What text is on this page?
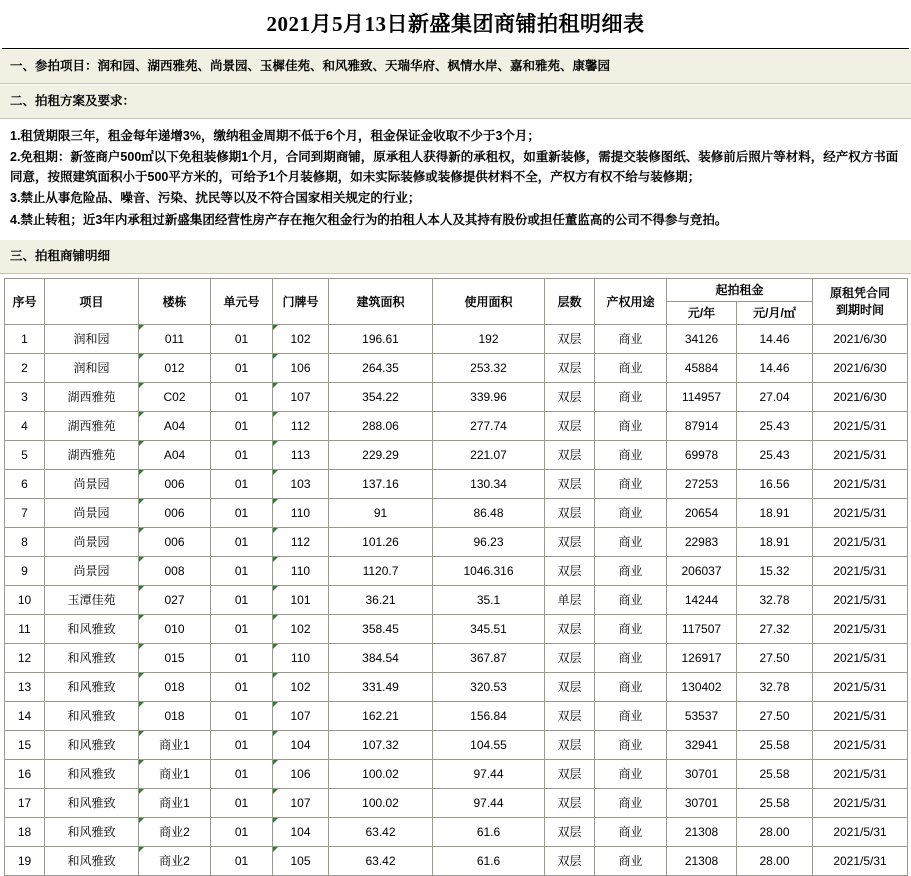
2021月5月13日新盛集团商铺拍租明细表
一、参拍项目：润和园、湖西雅苑、尚景园、玉樨佳苑、和风雅致、天瑞华府、枫情水岸、嘉和雅苑、康馨园
二、拍租方案及要求：
1.租赁期限三年，租金每年递增3%，缴纳租金周期不低于6个月，租金保证金收取不少于3个月；
2.免租期：新签商户500㎡以下免租装修期1个月，合同到期商铺，原承租人获得新的承租权，如重新装修，需提交装修图纸、装修前后照片等材料，经产权方书面同意，按照建筑面积小于500平方米的，可给予1个月装修期，如未实际装修或装修提供材料不全，产权方有权不给与装修期；
3.禁止从事危险品、噪音、污染、扰民等以及不符合国家相关规定的行业；
4.禁止转租；近3年内承租过新盛集团经营性房产存在拖欠租金行为的拍租人本人及其持有股份或担任董监高的公司不得参与竞拍。
三、拍租商铺明细
序号	项目	楼栋	单元号	门牌号	建筑面积	使用面积	层数	产权用途	起拍租金		原租凭合同
到期时间

									元/年	元/月/㎡	
1	润和园	011	01	102	196.61	192	双层	商业	34126	14.46	2021/6/30
2	润和园	012	01	106	264.35	253.32	双层	商业	45884	14.46	2021/6/30
3	湖西雅苑	C02	01	107	354.22	339.96	双层	商业	114957	27.04	2021/6/30
4	湖西雅苑	A04	01	112	288.06	277.74	双层	商业	87914	25.43	2021/5/31
5	湖西雅苑	A04	01	113	229.29	221.07	双层	商业	69978	25.43	2021/5/31
6	尚景园	006	01	103	137.16	130.34	双层	商业	27253	16.56	2021/5/31
7	尚景园	006	01	110	91	86.48	双层	商业	20654	18.91	2021/5/31
8	尚景园	006	01	112	101.26	96.23	双层	商业	22983	18.91	2021/5/31
9	尚景园	008	01	110	1120.7	1046.316	双层	商业	206037	15.32	2021/5/31
10	玉潭佳苑	027	01	101	36.21	35.1	单层	商业	14244	32.78	2021/5/31
11	和风雅致	010	01	102	358.45	345.51	双层	商业	117507	27.32	2021/5/31
12	和风雅致	015	01	110	384.54	367.87	双层	商业	126917	27.50	2021/5/31
13	和风雅致	018	01	102	331.49	320.53	双层	商业	130402	32.78	2021/5/31
14	和风雅致	018	01	107	162.21	156.84	双层	商业	53537	27.50	2021/5/31
15	和风雅致	商业1	01	104	107.32	104.55	双层	商业	32941	25.58	2021/5/31
16	和风雅致	商业1	01	106	100.02	97.44	双层	商业	30701	25.58	2021/5/31
17	和风雅致	商业1	01	107	100.02	97.44	双层	商业	30701	25.58	2021/5/31
18	和风雅致	商业2	01	104	63.42	61.6	双层	商业	21308	28.00	2021/5/31
19	和风雅致	商业2	01	105	63.42	61.6	双层	商业	21308	28.00	2021/5/31
